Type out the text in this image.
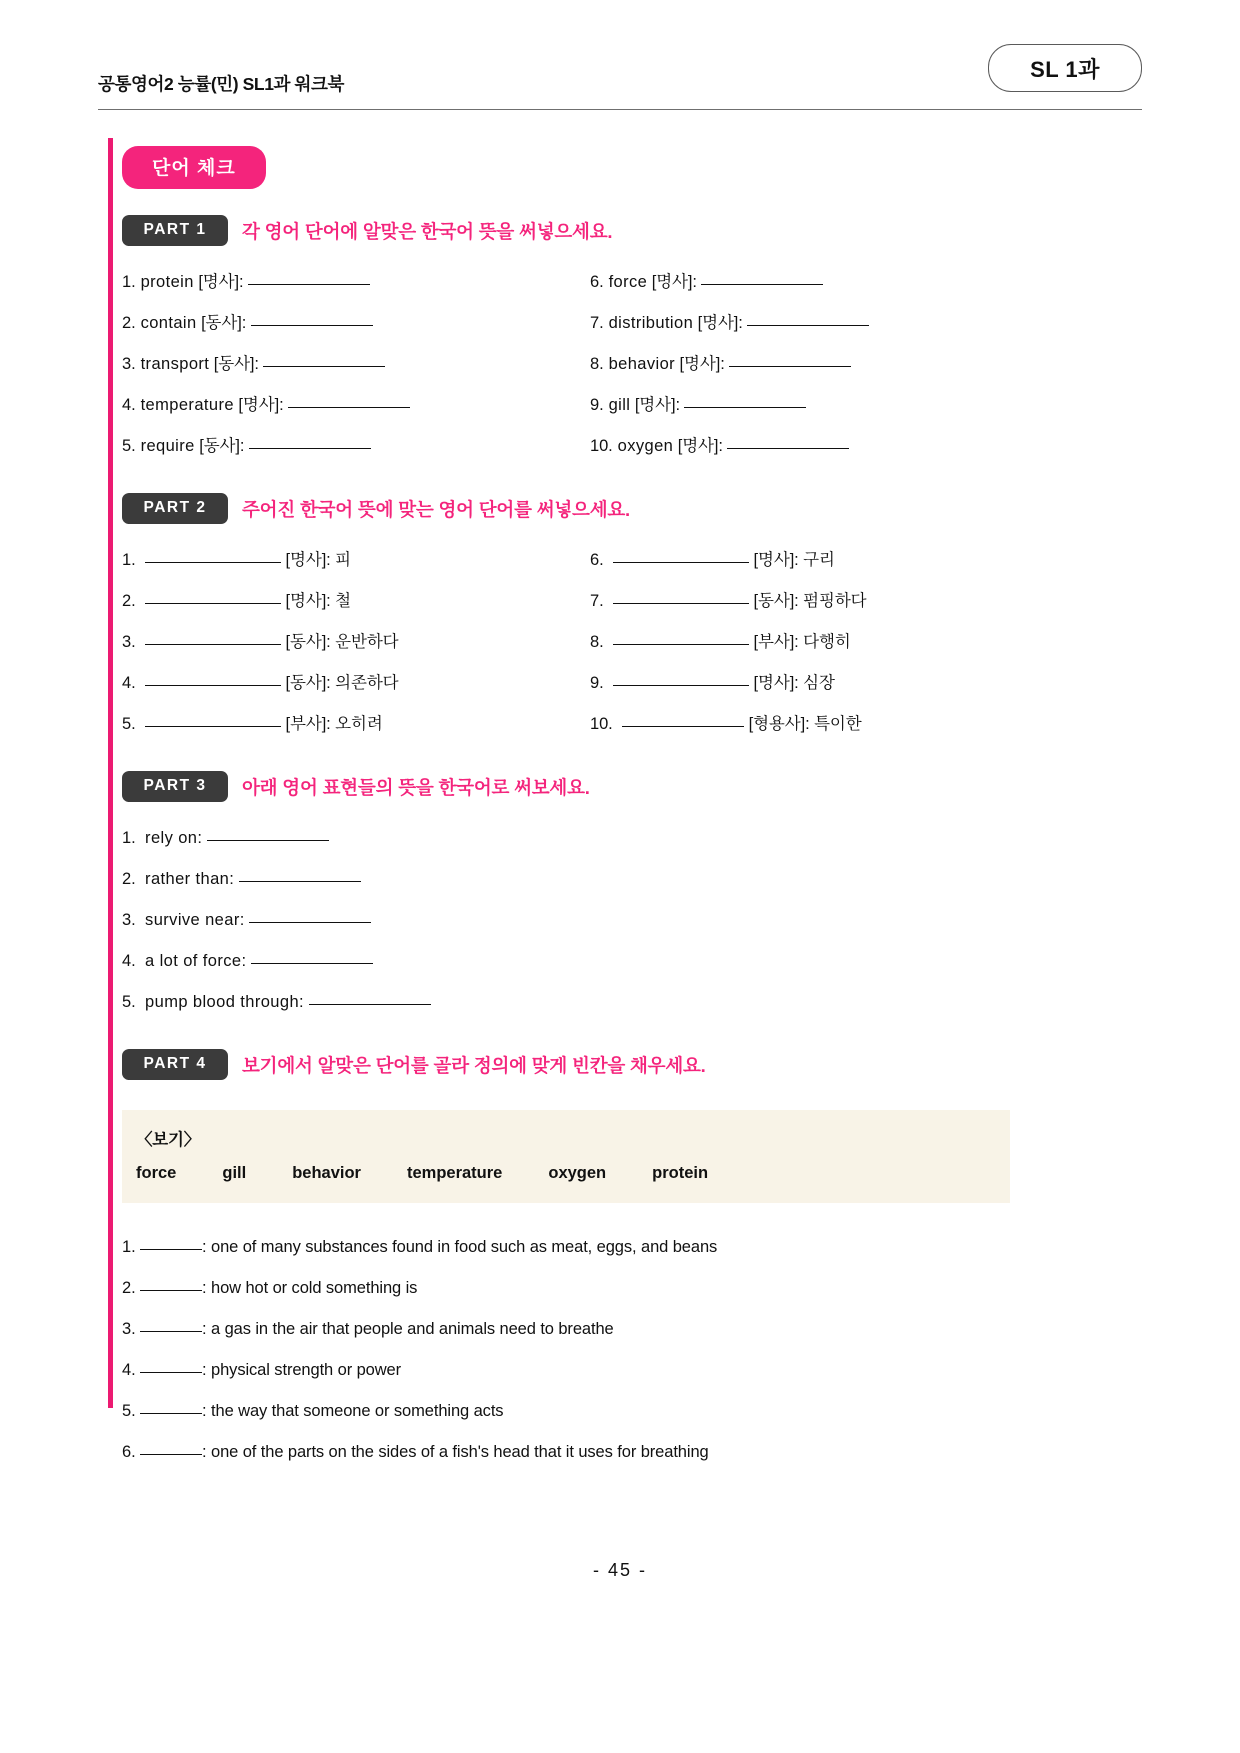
공통영어2 능률(민) SL1과 워크북
SL 1과
단어 체크
PART 1	각 영어 단어에 알맞은 한국어 뜻을 써넣으세요.
1. protein [명사]:	6. force [명사]:
2. contain [동사]:	7. distribution [명사]:
3. transport [동사]:	8. behavior [명사]:
4. temperature [명사]:	9. gill [명사]:
5. require [동사]:	10. oxygen [명사]:
PART 2	주어진 한국어 뜻에 맞는 영어 단어를 써넣으세요.
1.	[명사]: 피	6.	[명사]: 구리
2.	[명사]: 철	7.	[동사]: 펌핑하다
3.	[동사]: 운반하다	8.	[부사]: 다행히
4.	[동사]: 의존하다	9.	[명사]: 심장
5.	[부사]: 오히려	10.	[형용사]: 특이한
PART 3	아래 영어 표현들의 뜻을 한국어로 써보세요.
1. rely on:
2. rather than:
3. survive near:
4. a lot of force:
5. pump blood through:
PART 4	보기에서 알맞은 단어를 골라 정의에 맞게 빈칸을 채우세요.
〈보기〉
force	gill	behavior	temperature	oxygen	protein
1.	: one of many substances found in food such as meat, eggs, and beans
2.	: how hot or cold something is
3.	: a gas in the air that people and animals need to breathe
4.	: physical strength or power
5.	: the way that someone or something acts
6.	: one of the parts on the sides of a fish's head that it uses for breathing
- 45 -
